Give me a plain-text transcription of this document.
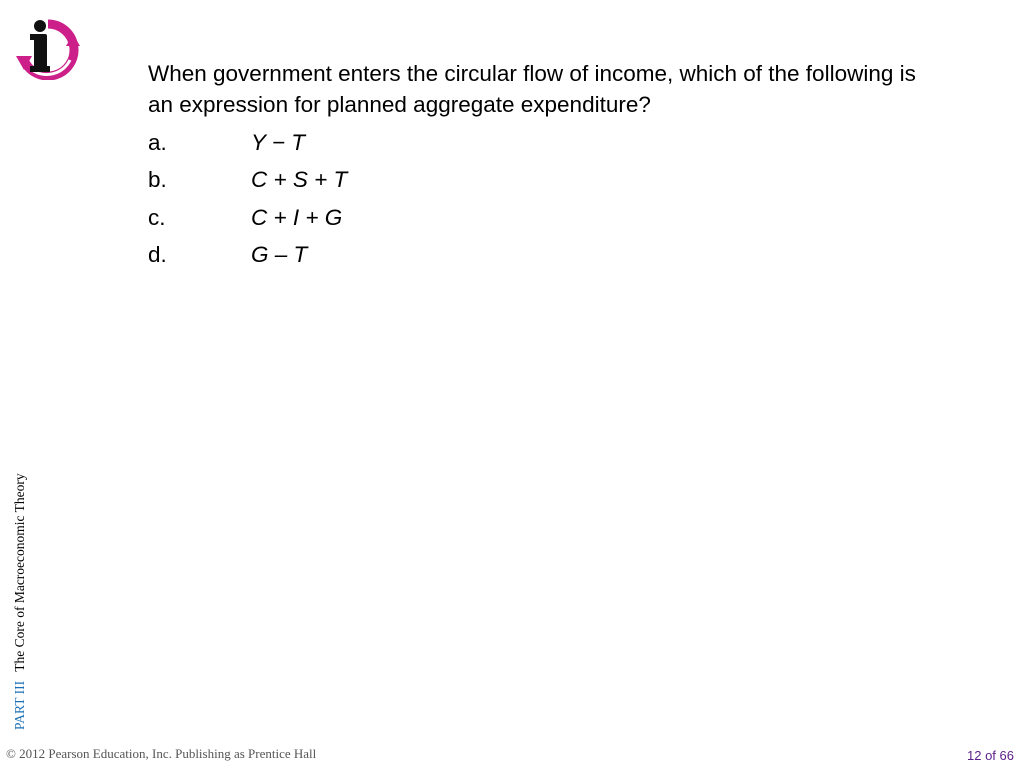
When government enters the circular flow of income, which of the following is an expression for planned aggregate expenditure?

a.	Y − T
b.	C + S + T
c.	C + I + G
d.	G – T
PART III The Core of Macroeconomic Theory
© 2012 Pearson Education, Inc. Publishing as Prentice Hall	12 of 66
